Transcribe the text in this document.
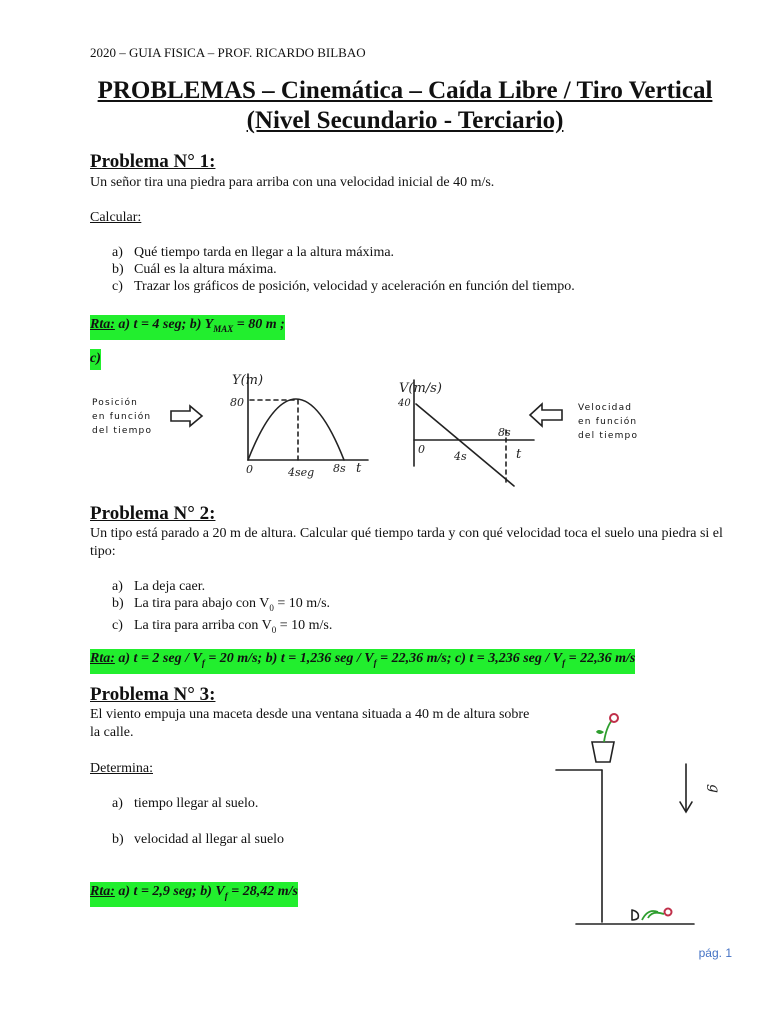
2020 – GUIA FISICA – PROF. RICARDO BILBAO
PROBLEMAS – Cinemática – Caída Libre / Tiro Vertical
(Nivel Secundario - Terciario)
Problema N° 1:
Un señor tira una piedra para arriba con una velocidad inicial de 40 m/s.
Calcular:
a) Qué tiempo tarda en llegar a la altura máxima.
b) Cuál es la altura máxima.
c) Trazar los gráficos de posición, velocidad y aceleración en función del tiempo.
Rta: a) t = 4 seg; b) $Y_{MAX} = 80$ m ;
c)
Posición
en función
del tiempo
Y(m)
80
0	4seg 8s t
V(m/s)
40
0
4s
8s
t
Velocidad
en función
del tiempo
Problema N° 2:
Un tipo está parado a 20 m de altura. Calcular qué tiempo tarda y con qué velocidad toca el suelo una piedra si el tipo:
a) La deja caer.
b) La tira para abajo con $V_0 = 10$ m/s.
c) La tira para arriba con $V_0 = 10$ m/s.
Rta: a) t = 2 seg / $V_f = 20$ m/s; b) t = 1,236 seg / $V_f = 22,36$ m/s; c) t = 3,236 seg / $V_f = 22,36$ m/s
Problema N° 3:
El viento empuja una maceta desde una ventana situada a 40 m de altura sobre la calle.
Determina:
a) tiempo llegar al suelo.
b) velocidad al llegar al suelo
Rta: a) t = 2,9 seg; b) $V_f = 28,42$ m/s
g
pág. 1
